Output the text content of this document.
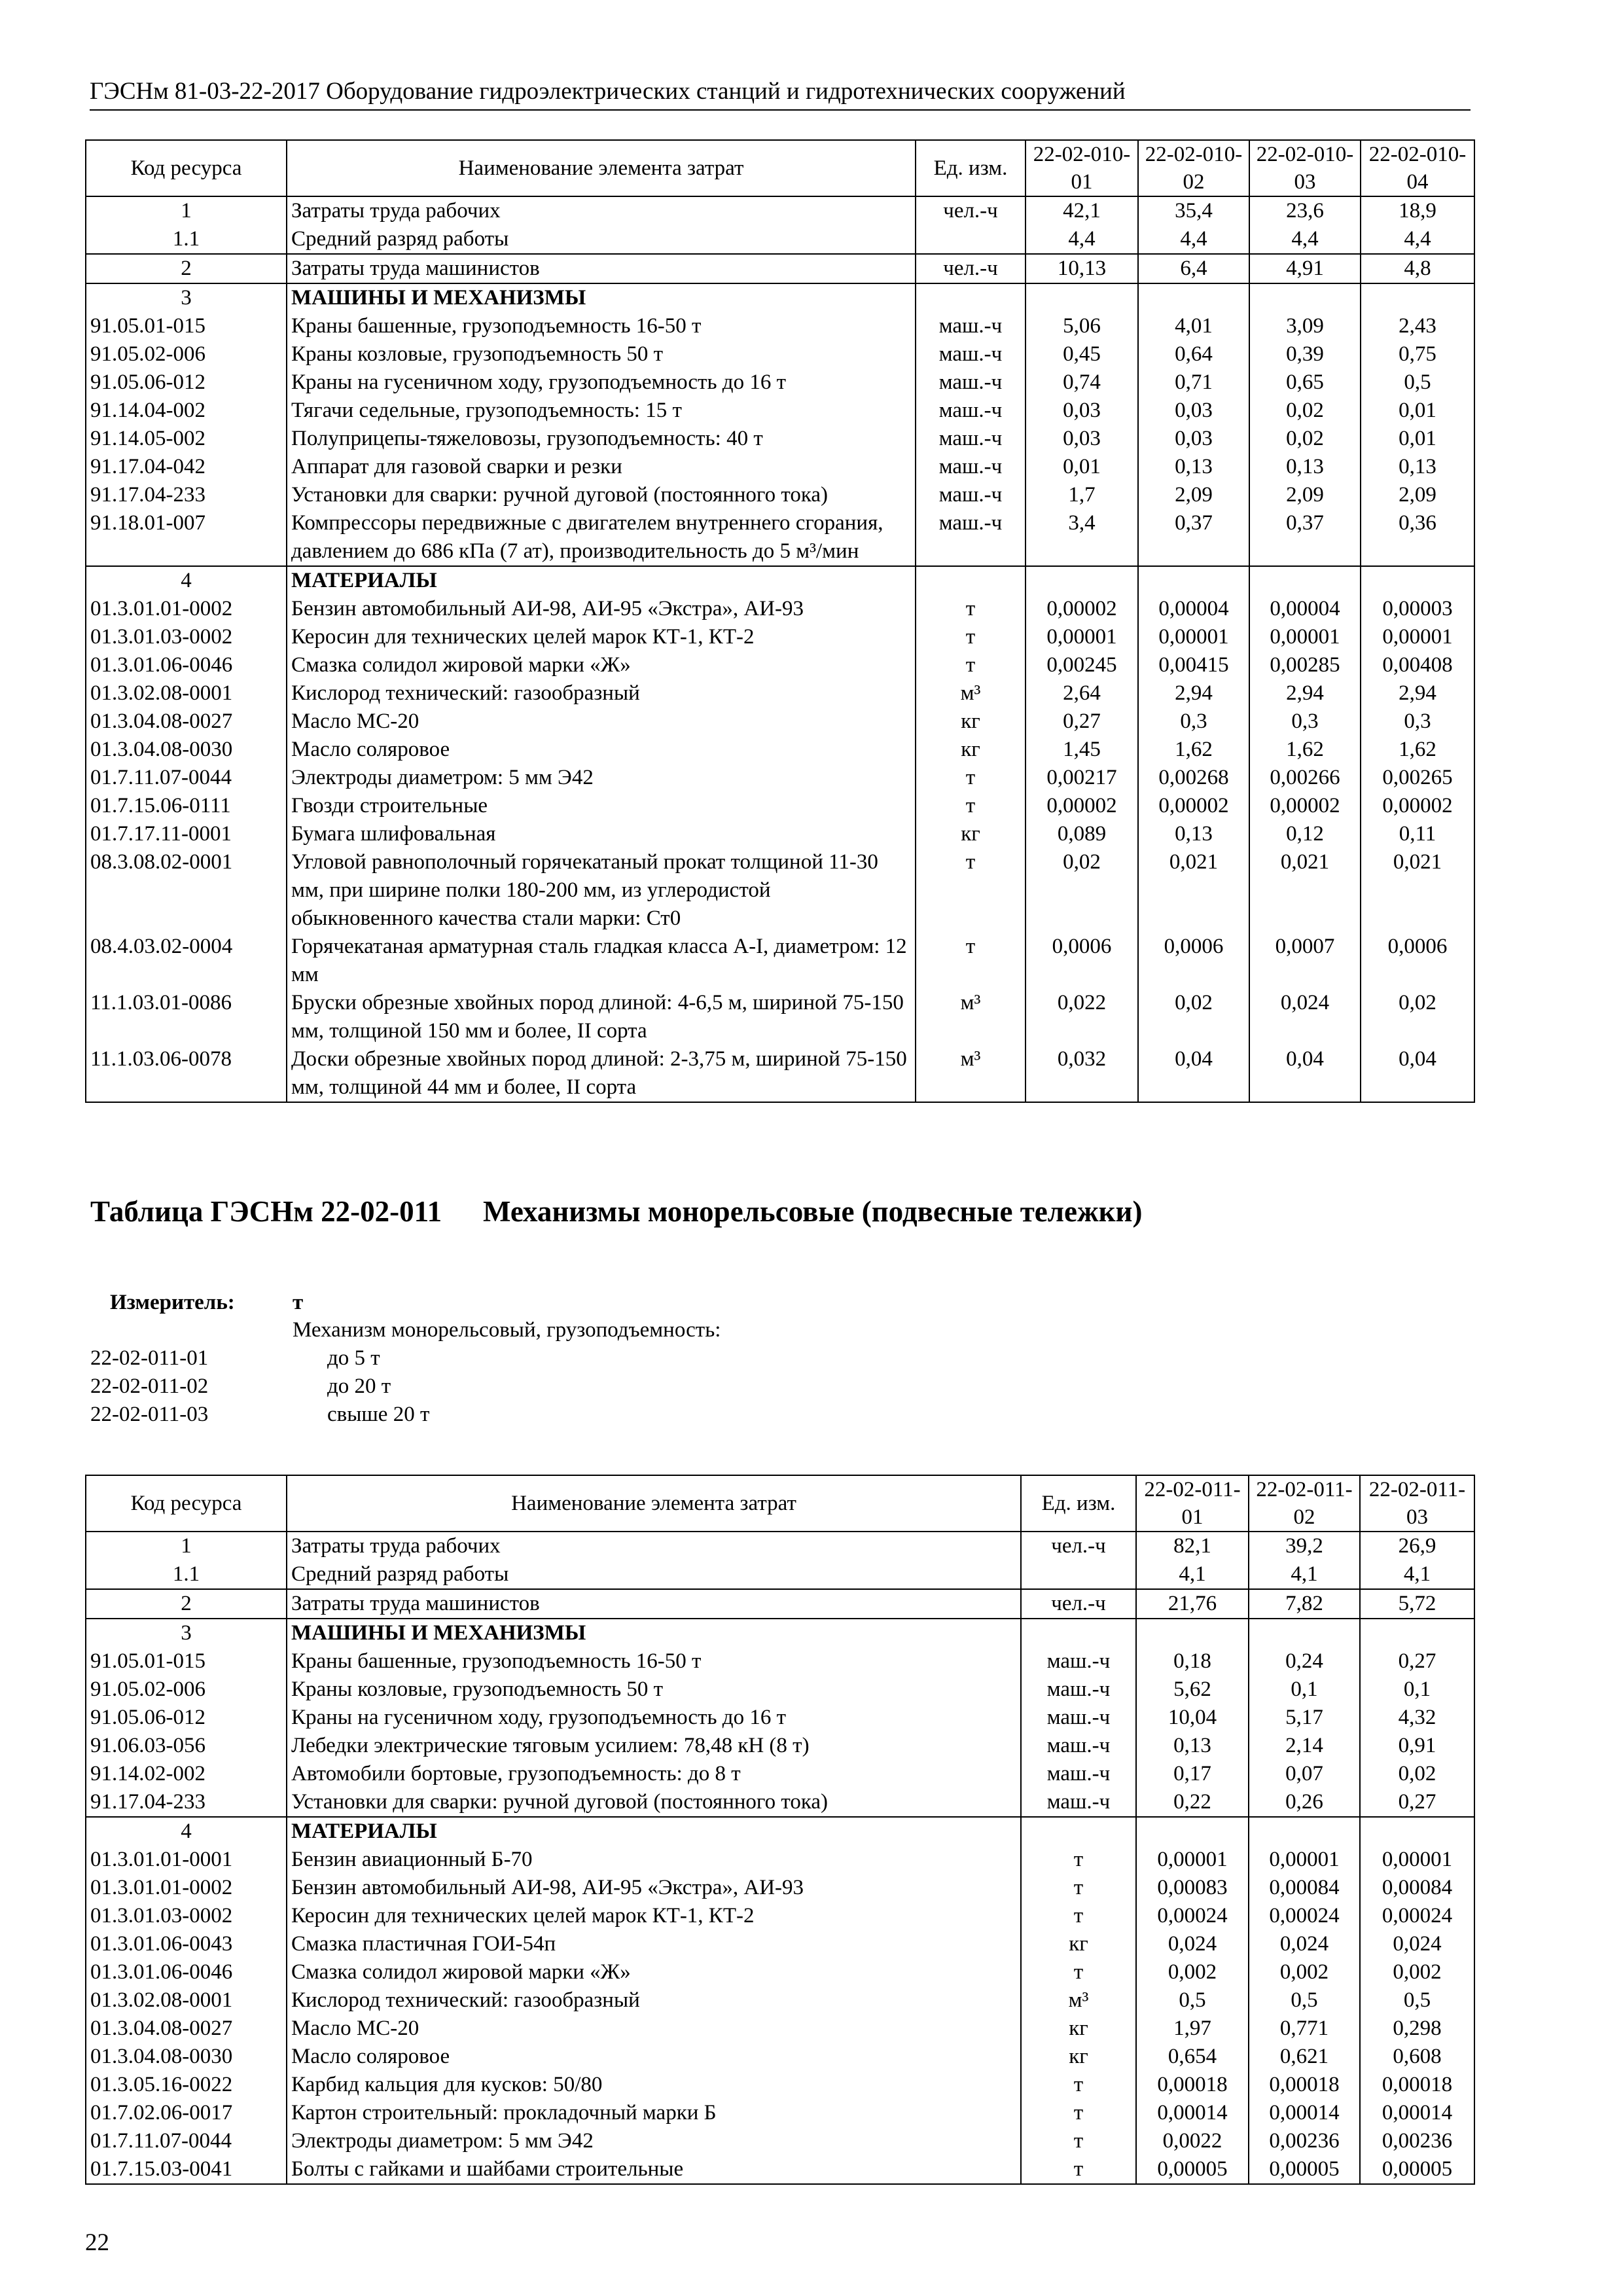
ГЭСНм 81-03-22-2017 Оборудование гидроэлектрических станций и гидротехнических сооружений
Код ресурса	Наименование элемента затрат	Ед. изм.	22-02-010-01	22-02-010-02	22-02-010-03	22-02-010-04
1	Затраты труда рабочих	чел.-ч	42,1	35,4	23,6	18,9
1.1	Средний разряд работы		4,4	4,4	4,4	4,4
2	Затраты труда машинистов	чел.-ч	10,13	6,4	4,91	4,8
3	МАШИНЫ И МЕХАНИЗМЫ					
91.05.01-015	Краны башенные, грузоподъемность 16-50 т	маш.-ч	5,06	4,01	3,09	2,43
91.05.02-006	Краны козловые, грузоподъемность 50 т	маш.-ч	0,45	0,64	0,39	0,75
91.05.06-012	Краны на гусеничном ходу, грузоподъемность до 16 т	маш.-ч	0,74	0,71	0,65	0,5
91.14.04-002	Тягачи седельные, грузоподъемность: 15 т	маш.-ч	0,03	0,03	0,02	0,01
91.14.05-002	Полуприцепы-тяжеловозы, грузоподъемность: 40 т	маш.-ч	0,03	0,03	0,02	0,01
91.17.04-042	Аппарат для газовой сварки и резки	маш.-ч	0,01	0,13	0,13	0,13
91.17.04-233	Установки для сварки: ручной дуговой (постоянного тока)	маш.-ч	1,7	2,09	2,09	2,09
91.18.01-007	Компрессоры передвижные с двигателем внутреннего сгорания, давлением до 686 кПа (7 ат), производительность до 5 м³/мин	маш.-ч	3,4	0,37	0,37	0,36
4	МАТЕРИАЛЫ					
01.3.01.01-0002	Бензин автомобильный АИ-98, АИ-95 «Экстра», АИ-93	т	0,00002	0,00004	0,00004	0,00003
01.3.01.03-0002	Керосин для технических целей марок КТ-1, КТ-2	т	0,00001	0,00001	0,00001	0,00001
01.3.01.06-0046	Смазка солидол жировой марки «Ж»	т	0,00245	0,00415	0,00285	0,00408
01.3.02.08-0001	Кислород технический: газообразный	м³	2,64	2,94	2,94	2,94
01.3.04.08-0027	Масло МС-20	кг	0,27	0,3	0,3	0,3
01.3.04.08-0030	Масло соляровое	кг	1,45	1,62	1,62	1,62
01.7.11.07-0044	Электроды диаметром: 5 мм Э42	т	0,00217	0,00268	0,00266	0,00265
01.7.15.06-0111	Гвозди строительные	т	0,00002	0,00002	0,00002	0,00002
01.7.17.11-0001	Бумага шлифовальная	кг	0,089	0,13	0,12	0,11
08.3.08.02-0001	Угловой равнополочный горячекатаный прокат толщиной 11-30 мм, при ширине полки 180-200 мм, из углеродистой обыкновенного качества стали марки: Ст0	т	0,02	0,021	0,021	0,021
08.4.03.02-0004	Горячекатаная арматурная сталь гладкая класса А-I, диаметром: 12 мм	т	0,0006	0,0006	0,0007	0,0006
11.1.03.01-0086	Бруски обрезные хвойных пород длиной: 4-6,5 м, шириной 75-150 мм, толщиной 150 мм и более, II сорта	м³	0,022	0,02	0,024	0,02
11.1.03.06-0078	Доски обрезные хвойных пород длиной: 2-3,75 м, шириной 75-150 мм, толщиной 44 мм и более, II сорта	м³	0,032	0,04	0,04	0,04
Таблица ГЭСНм 22-02-011	Механизмы монорельсовые (подвесные тележки)
Измеритель:	т
Механизм монорельсовый, грузоподъемность:
22-02-011-01	до 5 т
22-02-011-02	до 20 т
22-02-011-03	свыше 20 т
Код ресурса	Наименование элемента затрат	Ед. изм.	22-02-011-01	22-02-011-02	22-02-011-03
1	Затраты труда рабочих	чел.-ч	82,1	39,2	26,9
1.1	Средний разряд работы		4,1	4,1	4,1
2	Затраты труда машинистов	чел.-ч	21,76	7,82	5,72
3	МАШИНЫ И МЕХАНИЗМЫ				
91.05.01-015	Краны башенные, грузоподъемность 16-50 т	маш.-ч	0,18	0,24	0,27
91.05.02-006	Краны козловые, грузоподъемность 50 т	маш.-ч	5,62	0,1	0,1
91.05.06-012	Краны на гусеничном ходу, грузоподъемность до 16 т	маш.-ч	10,04	5,17	4,32
91.06.03-056	Лебедки электрические тяговым усилием: 78,48 кН (8 т)	маш.-ч	0,13	2,14	0,91
91.14.02-002	Автомобили бортовые, грузоподъемность: до 8 т	маш.-ч	0,17	0,07	0,02
91.17.04-233	Установки для сварки: ручной дуговой (постоянного тока)	маш.-ч	0,22	0,26	0,27
4	МАТЕРИАЛЫ				
01.3.01.01-0001	Бензин авиационный Б-70	т	0,00001	0,00001	0,00001
01.3.01.01-0002	Бензин автомобильный АИ-98, АИ-95 «Экстра», АИ-93	т	0,00083	0,00084	0,00084
01.3.01.03-0002	Керосин для технических целей марок КТ-1, КТ-2	т	0,00024	0,00024	0,00024
01.3.01.06-0043	Смазка пластичная ГОИ-54п	кг	0,024	0,024	0,024
01.3.01.06-0046	Смазка солидол жировой марки «Ж»	т	0,002	0,002	0,002
01.3.02.08-0001	Кислород технический: газообразный	м³	0,5	0,5	0,5
01.3.04.08-0027	Масло МС-20	кг	1,97	0,771	0,298
01.3.04.08-0030	Масло соляровое	кг	0,654	0,621	0,608
01.3.05.16-0022	Карбид кальция для кусков: 50/80	т	0,00018	0,00018	0,00018
01.7.02.06-0017	Картон строительный: прокладочный марки Б	т	0,00014	0,00014	0,00014
01.7.11.07-0044	Электроды диаметром: 5 мм Э42	т	0,0022	0,00236	0,00236
01.7.15.03-0041	Болты с гайками и шайбами строительные	т	0,00005	0,00005	0,00005
22
